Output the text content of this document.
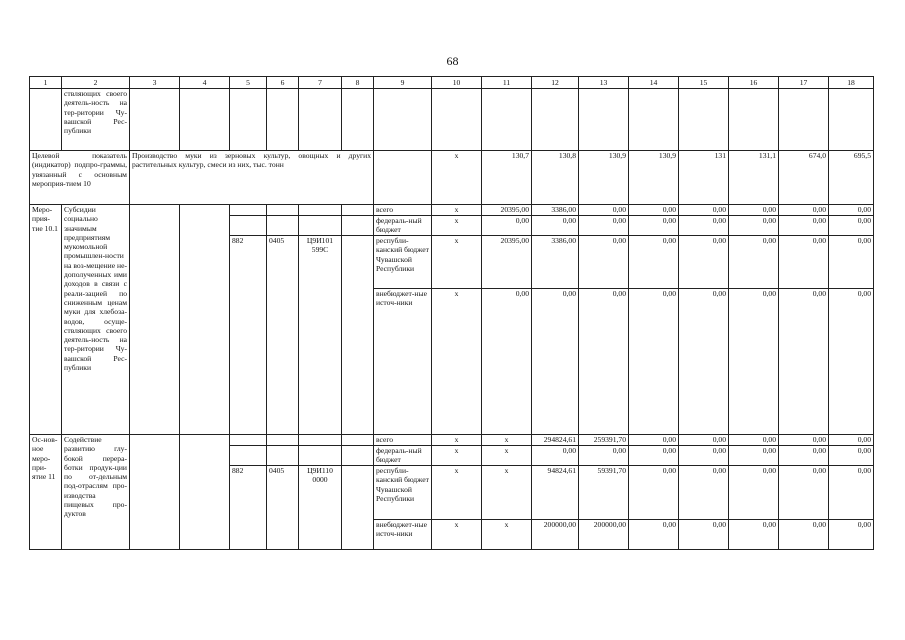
68
1	2	3	4	5	6	7	8	9	10	11	12	13	14	15	16	17	18
	ствляющих своего деятель-ность на тер-ритории Чу-вашской Рес-публики																
Целевой показатель (индикатор) подпро-граммы, увязанный с основным мероприя-тием 10		Производство муки из зерновых культур, овощных и других растительных культур, смеси из них, тыс. тонн							x	130,7	130,8	130,9	130,9	131	131,1	674,0	695,5
Меро-прия-тие 10.1	Субсидии социально значимым предприятиям мукомольной промышлен-ности на воз-мещение не-дополученных ими доходов в связи с реали-зацией по сниженным ценам муки для хлебоза-водов, осуще-ствляющих своего деятель-ность на тер-ритории Чу-вашской Рес-публики							всего	x	20395,00	3386,00	0,00	0,00	0,00	0,00	0,00	0,00
								федераль-ный бюджет	x	0,00	0,00	0,00	0,00	0,00	0,00	0,00	0,00
				882	0405	Ц9И101 599С		республи-канский бюджет Чувашской Республики	x	20395,00	3386,00	0,00	0,00	0,00	0,00	0,00	0,00
								внебюджет-ные источ-ники	x	0,00	0,00	0,00	0,00	0,00	0,00	0,00	0,00
Ос-нов-ное меро-при-ятие 11	Содействие развитию глу-бокой перера-ботки продук-ции по от-дельным под-отраслям про-изводства пищевых про-дуктов							всего	x	x	294824,61	259391,70	0,00	0,00	0,00	0,00	0,00
								федераль-ный бюджет	x	x	0,00	0,00	0,00	0,00	0,00	0,00	0,00
				882	0405	Ц9И110 0000		республи-канский бюджет Чувашской Республики	x	x	94824,61	59391,70	0,00	0,00	0,00	0,00	0,00
								внебюджет-ные источ-ники	x	x	200000,00	200000,00	0,00	0,00	0,00	0,00	0,00
